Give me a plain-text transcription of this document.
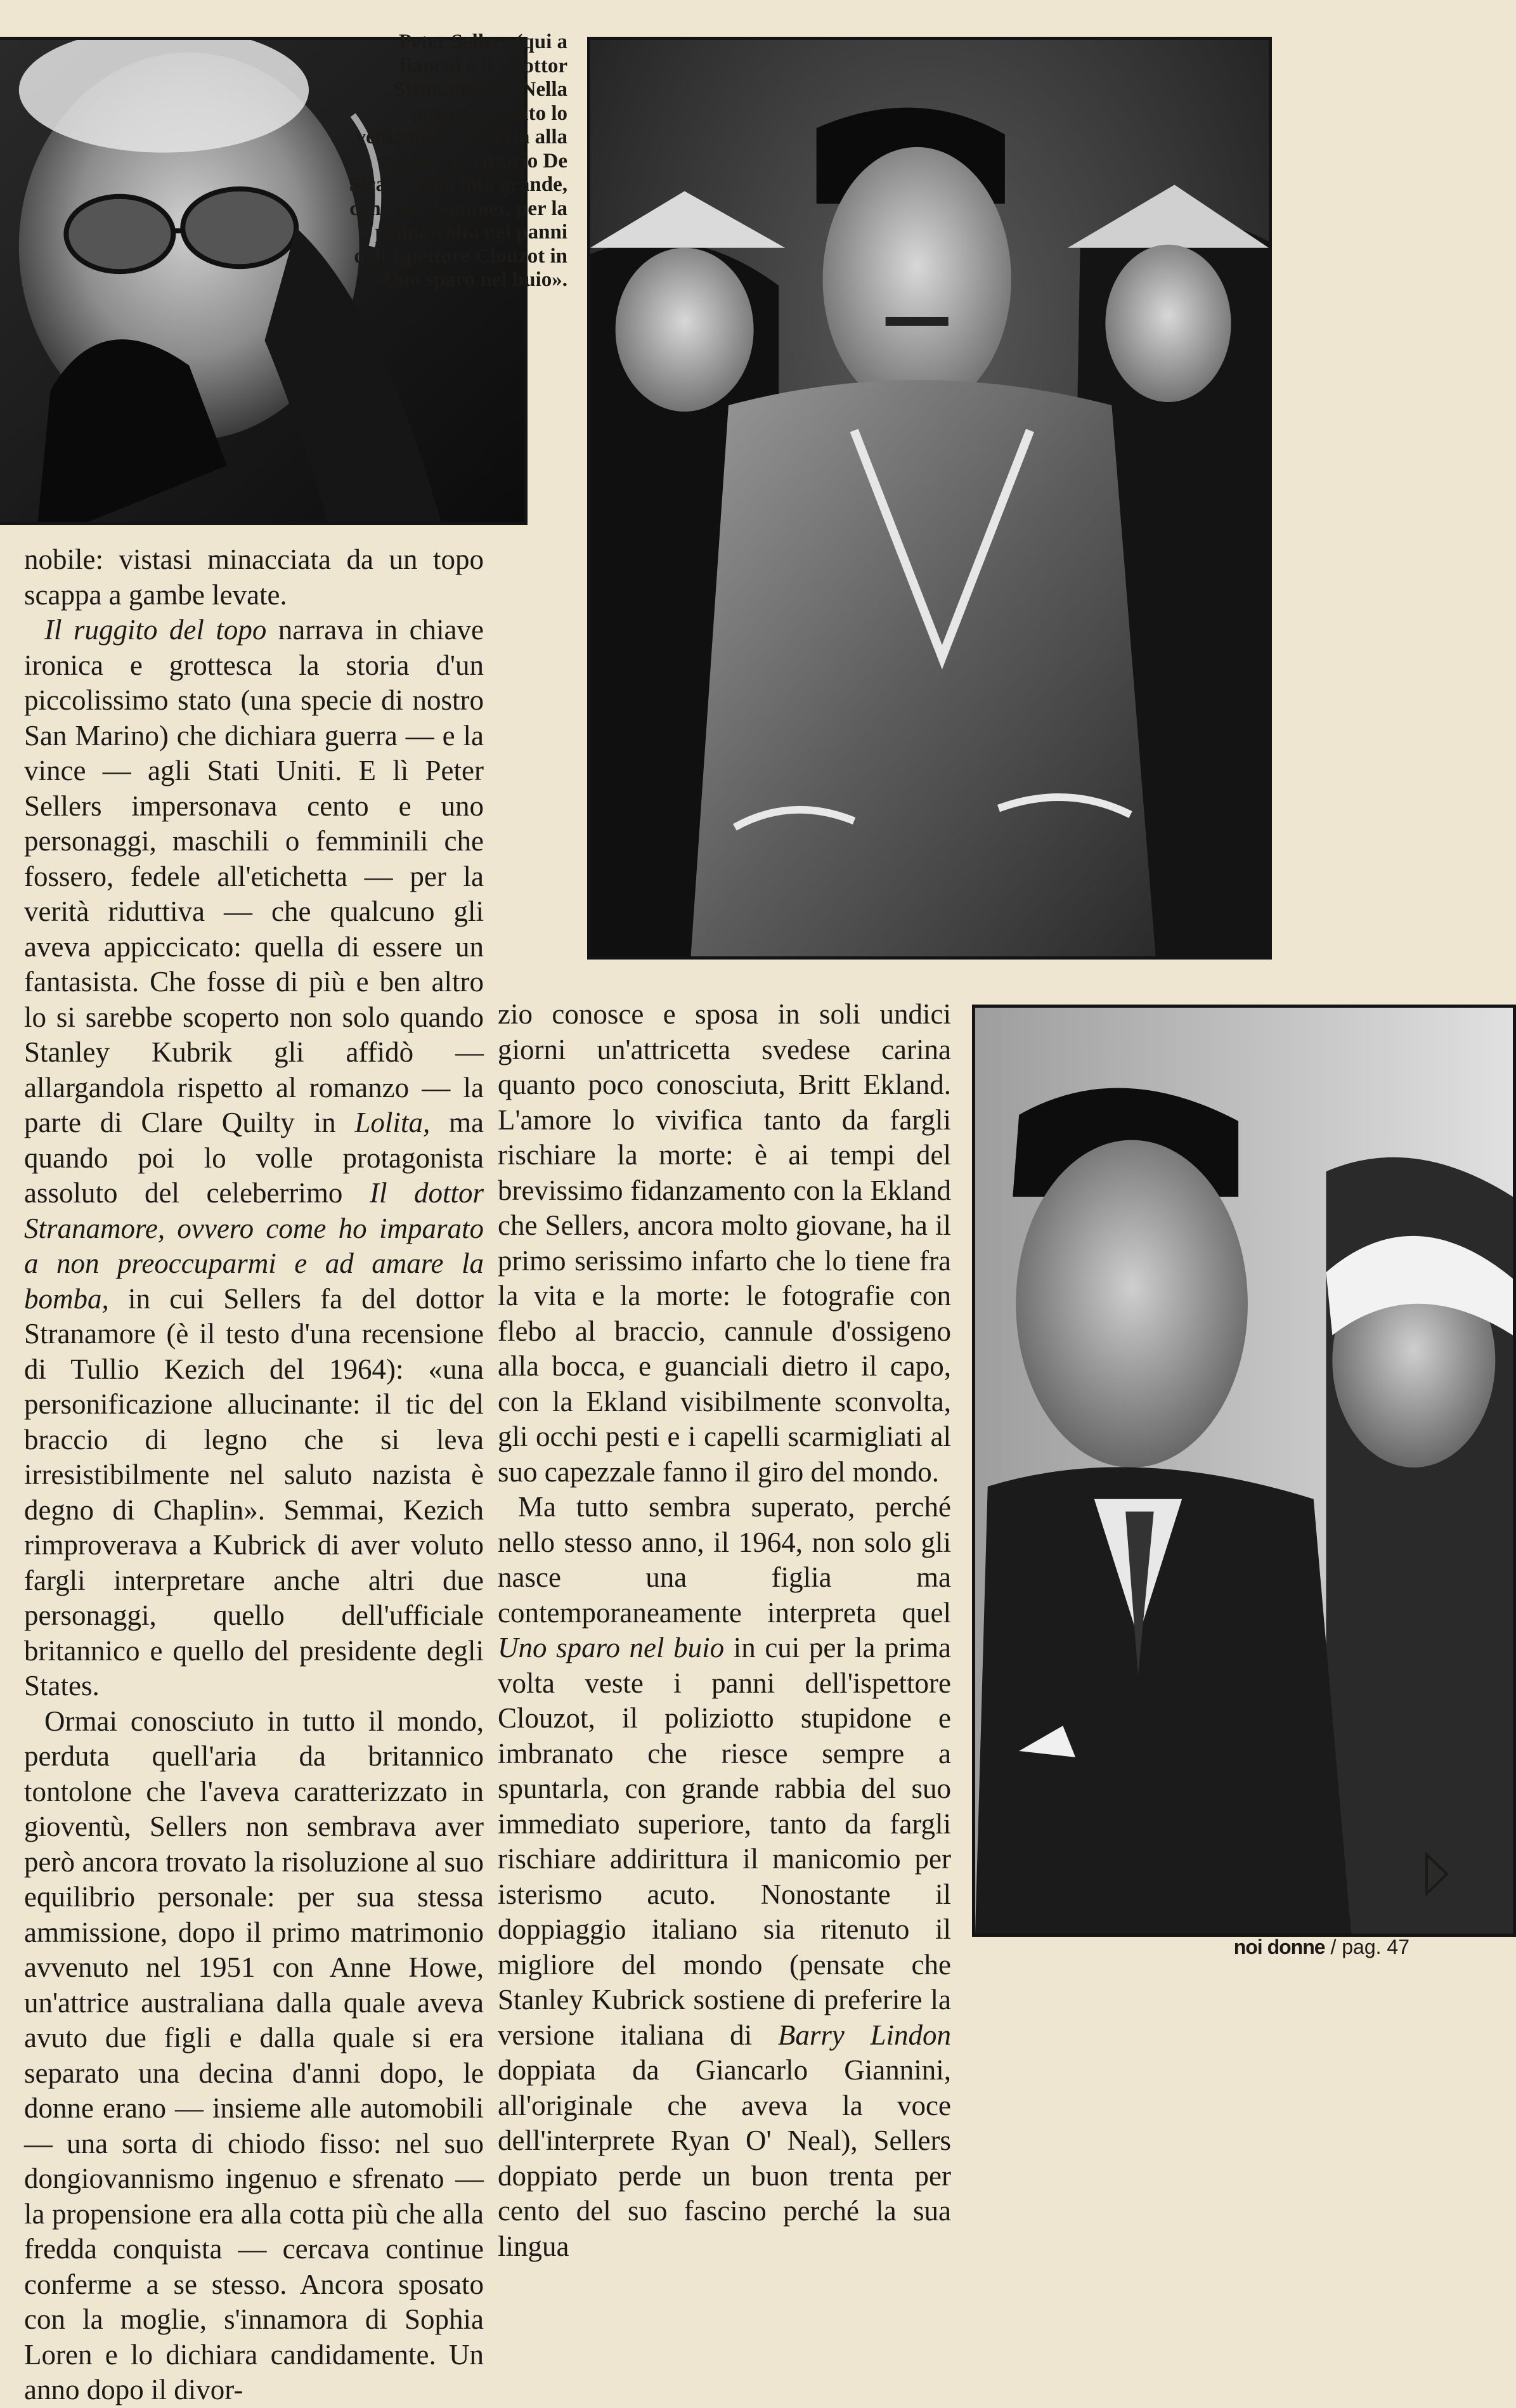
Peter Sellers (qui a

fianco) è il «Dottor

Stranamore». Nella

pagina accanto lo

vediamo in «Caccia alla

volpe», di Vittorio De

Sica e, nella foto grande,

con Elke Sommer, per la

prima volta nei panni

dell'ispettore Clouzot in

«Uno sparo nel buio».

nobile: vistasi minacciata da un topo scappa a gambe levate.

Il ruggito del topo narrava in chiave ironica e grottesca la storia d'un piccolissimo stato (una specie di nostro San Marino) che dichiara guerra — e la vince — agli Stati Uniti. E lì Peter Sellers impersonava cento e uno personaggi, maschili o femminili che fossero, fedele all'etichetta — per la verità riduttiva — che qualcuno gli aveva appiccicato: quella di essere un fantasista. Che fosse di più e ben altro lo si sarebbe scoperto non solo quando Stanley Kubrik gli affidò — allargandola rispetto al romanzo — la parte di Clare Quilty in Lolita, ma quando poi lo volle protagonista assoluto del celeberrimo Il dottor Stranamore, ovvero come ho imparato a non preoccuparmi e ad amare la bomba, in cui Sellers fa del dottor Stranamore (è il testo d'una recensione di Tullio Kezich del 1964): «una personificazione allucinante: il tic del braccio di legno che si leva irresistibilmente nel saluto nazista è degno di Chaplin». Semmai, Kezich rimproverava a Kubrick di aver voluto fargli interpretare anche altri due personaggi, quello dell'ufficiale britannico e quello del presidente degli States.

Ormai conosciuto in tutto il mondo, perduta quell'aria da britannico tontolone che l'aveva caratterizzato in gioventù, Sellers non sembrava aver però ancora trovato la risoluzione al suo equilibrio personale: per sua stessa ammissione, dopo il primo matrimonio avvenuto nel 1951 con Anne Howe, un'attrice australiana dalla quale aveva avuto due figli e dalla quale si era separato una decina d'anni dopo, le donne erano — insieme alle automobili — una sorta di chiodo fisso: nel suo dongiovannismo ingenuo e sfrenato — la propensione era alla cotta più che alla fredda conquista — cercava continue conferme a se stesso. Ancora sposato con la moglie, s'innamora di Sophia Loren e lo dichiara candidamente. Un anno dopo il divor-

zio conosce e sposa in soli undici giorni un'attricetta svedese carina quanto poco conosciuta, Britt Ekland. L'amore lo vivifica tanto da fargli rischiare la morte: è ai tempi del brevissimo fidanzamento con la Ekland che Sellers, ancora molto giovane, ha il primo serissimo infarto che lo tiene fra la vita e la morte: le fotografie con flebo al braccio, cannule d'ossigeno alla bocca, e guanciali dietro il capo, con la Ekland visibilmente sconvolta, gli occhi pesti e i capelli scarmigliati al suo capezzale fanno il giro del mondo.

Ma tutto sembra superato, perché nello stesso anno, il 1964, non solo gli nasce una figlia ma contemporaneamente interpreta quel Uno sparo nel buio in cui per la prima volta veste i panni dell'ispettore Clouzot, il poliziotto stupidone e imbranato che riesce sempre a spuntarla, con grande rabbia del suo immediato superiore, tanto da fargli rischiare addirittura il manicomio per isterismo acuto. Nonostante il doppiaggio italiano sia ritenuto il migliore del mondo (pensate che Stanley Kubrick sostiene di preferire la versione italiana di Barry Lindon doppiata da Giancarlo Giannini, all'originale che aveva la voce dell'interprete Ryan O' Neal), Sellers doppiato perde un buon trenta per cento del suo fascino perché la sua lingua

noi donne / pag. 47
